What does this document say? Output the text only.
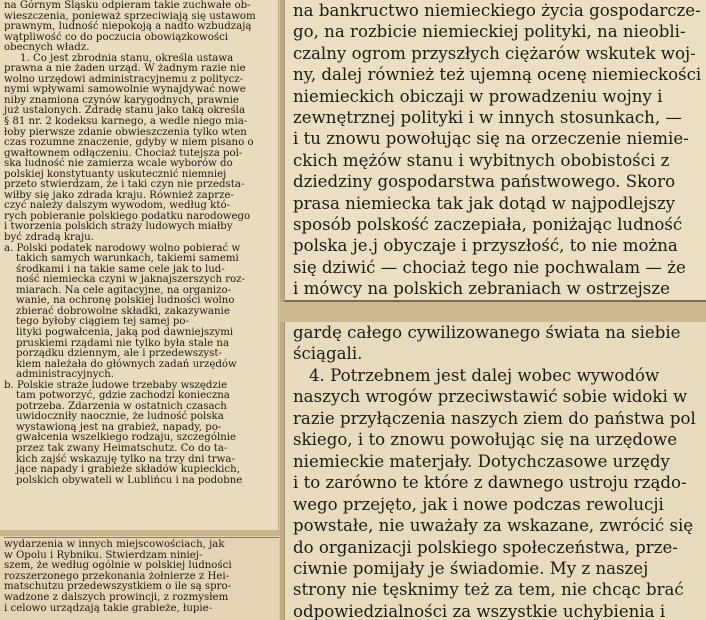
na Górnym Śląsku odpieram takie zuchwałe ob-
wieszczenia, ponieważ sprzeciwiają się ustawom
prawnym, ludność niepokoją a nadto wzbudzają
wątpliwość co do poczucia obowiązkowości
obecnych władz.
1. Co jest zbrodnia stanu, określa ustawa
prawna a nie żaden urząd. W żadnym razie nie
wolno urzędowi administracyjnemu z politycz-
nymi wpływami samowolnie wynajdywać nowe
niby znamiona czynów karygodnych, prawnie
już ustalonych. Zdradę stanu jako taką określa
§ 81 nr. 2 kodeksu karnego, a wedle niego mia-
łoby pierwsze zdanie obwieszczenia tylko wten
czas rozumne znaczenie, gdyby w niem pisano o
gwałtownem odłączeniu. Chociaż tutejsza pol-
ska ludność nie zamierza wcale wyborów do
polskiej konstytuanty uskutecznić niemniej
przeto stwierdzam, że i taki czyn nie przedsta-
wiłby się jako zdrada kraju. Również zaprze-
czyć należy dalszym wywodom, według któ-
rych pobieranie polskiego podatku narodowego
i tworzenia polskich straży ludowych miałby
być zdradą kraju.
a. Polski podatek narodowy wolno pobierać w
takich samych warunkach, takiemi samemi
środkami i na takie same cele jak to lud-
ność niemiecka czyni w jaknajszerszych roz-
miarach. Na cele agitacyjne, na organizo-
wanie, na ochronę polskiej ludności wolno
zbierać dobrowolne składki, zakazywanie
tego byłoby ciągiem tej samej po-
lityki pogwałcenia, jaką pod dawniejszymi
pruskiemi rządami nie tylko była stale na
porządku dziennym, ale i przedewszyst-
kiem należała do głównych zadań urzędów
administracyjnych.
b. Polskie straże ludowe trzebaby wszędzie
tam potworzyć, gdzie zachodzi konieczna
potrzeba. Zdarzenia w ostatnich czasach
uwidoczniły naocznie, że ludność polska
wystawioną jest na grabież, napady, po-
gwałcenia wszelkiego rodzaju, szczególnie
przez tak zwany Heimatschutz. Co do ta-
kich zajść wskazuję tylko na trzy dni trwa-
jące napady i grabieże składów kupieckich,
polskich obywateli w Lublińcu i na podobne
wydarzenia w innych miejscowościach, jak
w Opolu i Rybniku. Stwierdzam niniej-
szem, że według ogólnie w polskiej ludności
rozszerzonego przekonania żołnierze z Hei-
matschutzu przedewszystkiem o ile są spro-
wadzone z dalszych prowincji, z rozmysłem
i celowo urządzają takie grabieże, łupie-
na bankructwo niemieckiego życia gospodarcze-
go, na rozbicie niemieckiej polityki, na nieobli-
czalny ogrom przyszłych ciężarów wskutek woj-
ny, dalej również też ujemną ocenę niemieckości
niemieckich obiczaji w prowadzeniu wojny i
zewnętrznej polityki i w innych stosunkach, —
i tu znowu powołując się na orzeczenie niemie-
ckich mężów stanu i wybitnych obobistości z
dziedziny gospodarstwa państwowego. Skoro
prasa niemiecka tak jak dotąd w najpodlejszy
sposób polskość zaczepiała, poniżając ludność
polska je.j obyczaje i przyszłość, to nie można
się dziwić — chociaż tego nie pochwalam — że
i mówcy na polskich zebraniach w ostrzejsze
gardę całego cywilizowanego świata na siebie
ściągali.
4. Potrzebnem jest dalej wobec wywodów
naszych wrogów przeciwstawić sobie widoki w
razie przyłączenia naszych ziem do państwa pol
skiego, i to znowu powołując się na urzędowe
niemieckie materjały. Dotychczasowe urzędy
i to zarówno te które z dawnego ustroju rządo-
wego przejęto, jak i nowe podczas rewolucji
powstałe, nie uważały za wskazane, zwrócić się
do organizacji polskiego społeczeństwa, prze-
ciwnie pomijały je świadomie. My z naszej
strony nie tęsknimy też za tem, nie chcąc brać
odpowiedzialności za wszystkie uchybienia i
